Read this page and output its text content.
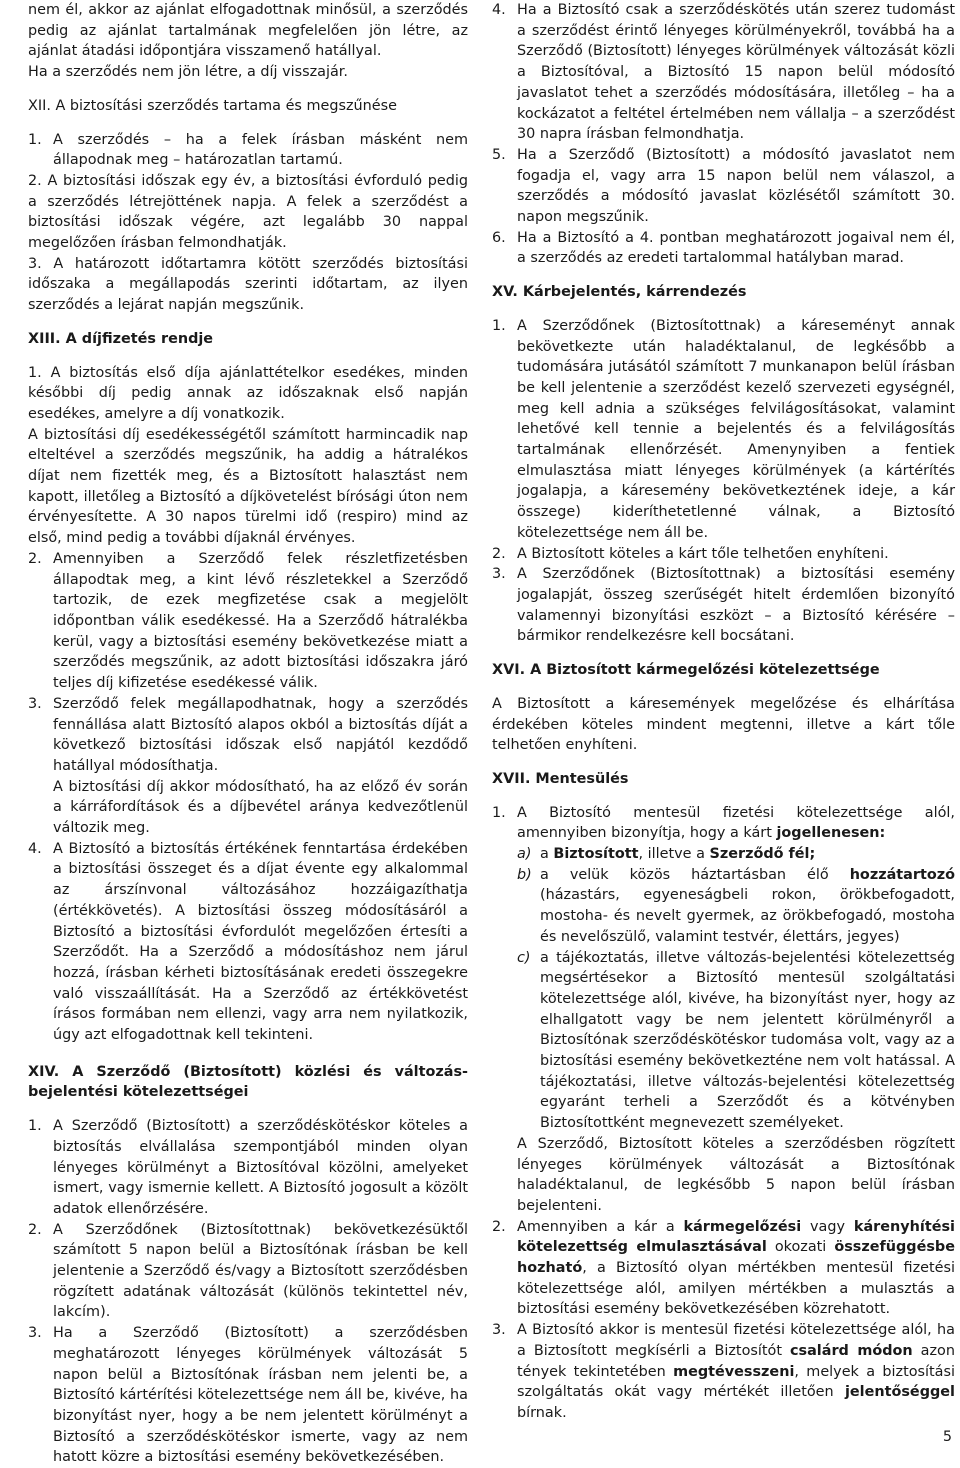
nem él, akkor az ajánlat elfogadottnak minősül, a szerződés pedig az ajánlat tartalmának megfelelően jön létre, az ajánlat átadási időpontjára visszamenő hatállyal.

Ha a szerződés nem jön létre, a díj visszajár.

XII. A biztosítási szerződés tartama és megszűnése
1. A szerződés – ha a felek írásban másként nem állapodnak meg – határozatlan tartamú.
2. A biztosítási időszak egy év, a biztosítási évforduló pedig a szerződés létrejöttének napja. A felek a szerződést a biztosítási időszak végére, azt legalább 30 nappal megelőzően írásban felmondhatják.
3. A határozott időtartamra kötött szerződés biztosítási időszaka a megállapodás szerinti időtartam, az ilyen szerződés a lejárat napján megszűnik.
XIII. A díjfizetés rendje
1. A biztosítás első díja ajánlattételkor esedékes, minden későbbi díj pedig annak az időszaknak első napján esedékes, amelyre a díj vonatkozik.

A biztosítási díj esedékességétől számított harmincadik nap elteltével a szerződés megszűnik, ha addig a hátralékos díjat nem fizették meg, és a Biztosított halasztást nem kapott, illetőleg a Biztosító a díjkövetelést bírósági úton nem érvényesítette. A 30 napos türelmi idő (respiro) mind az első, mind pedig a további díjaknál érvényes.

2. Amennyiben a Szerződő felek részletfizetésben állapodtak meg, a kint lévő részletekkel a Szerződő tartozik, de ezek megfizetése csak a megjelölt időpontban válik esedékessé. Ha a Szerződő hátralékba kerül, vagy a biztosítási esemény bekövetkezése miatt a szerződés megszűnik, az adott biztosítási időszakra járó teljes díj kifizetése esedékessé válik.
3. Szerződő felek megállapodhatnak, hogy a szerződés fennállása alatt Biztosító alapos okból a biztosítás díját a következő biztosítási időszak első napjától kezdődő hatállyal módosíthatja.

A biztosítási díj akkor módosítható, ha az előző év során a kárráfordítások és a díjbevétel aránya kedvezőtlenül változik meg.

4. A Biztosító a biztosítás értékének fenntartása érdekében a biztosítási összeget és a díjat évente egy alkalommal az árszínvonal változásához hozzáigazíthatja (értékkövetés). A biztosítási összeg módosításáról a Biztosító a biztosítási évfordulót megelőzően értesíti a Szerződőt. Ha a Szerződő a módosításhoz nem járul hozzá, írásban kérheti biztosításának eredeti összegekre való visszaállítását. Ha a Szerződő az értékkövetést írásos formában nem ellenzi, vagy arra nem nyilatkozik, úgy azt elfogadottnak kell tekinteni.
XIV. A Szerződő (Biztosított) közlési és változás-bejelentési kötelezettségei
1. A Szerződő (Biztosított) a szerződéskötéskor köteles a biztosítás elvállalása szempontjából minden olyan lényeges körülményt a Biztosítóval közölni, amelyeket ismert, vagy ismernie kellett. A Biztosító jogosult a közölt adatok ellenőrzésére.
2. A Szerződőnek (Biztosítottnak) bekövetkezésüktől számított 5 napon belül a Biztosítónak írásban be kell jelentenie a Szerződő és/vagy a Biztosított szerződésben rögzített adatának változását (különös tekintettel név, lakcím).
3. Ha a Szerződő (Biztosított) a szerződésben meghatározott lényeges körülmények változását 5 napon belül a Biztosítónak írásban nem jelenti be, a Biztosító kártérítési kötelezettsége nem áll be, kivéve, ha bizonyítást nyer, hogy a be nem jelentett körülményt a Biztosító a szerződéskötéskor ismerte, vagy az nem hatott közre a biztosítási esemény bekövetkezésében.
4. Ha a Biztosító csak a szerződéskötés után szerez tudomást a szerződést érintő lényeges körülményekről, továbbá ha a Szerződő (Biztosított) lényeges körülmények változását közli a Biztosítóval, a Biztosító 15 napon belül módosító javaslatot tehet a szerződés módosítására, illetőleg – ha a kockázatot a feltétel értelmében nem vállalja – a szerződést 30 napra írásban felmondhatja.
5. Ha a Szerződő (Biztosított) a módosító javaslatot nem fogadja el, vagy arra 15 napon belül nem válaszol, a szerződés a módosító javaslat közlésétől számított 30. napon megszűnik.
6. Ha a Biztosító a 4. pontban meghatározott jogaival nem él, a szerződés az eredeti tartalommal hatályban marad.
XV. Kárbejelentés, kárrendezés
1. A Szerződőnek (Biztosítottnak) a káreseményt annak bekövetkezte után haladéktalanul, de legkésőbb a tudomására jutásától számított 7 munkanapon belül írásban be kell jelentenie a szerződést kezelő szervezeti egységnél, meg kell adnia a szükséges felvilágosításokat, valamint lehetővé kell tennie a bejelentés és a felvilágosítás tartalmának ellenőrzését. Amenynyiben a fentiek elmulasztása miatt lényeges körülmények (a kártérítés jogalapja, a káresemény bekövetkeztének ideje, a kár összege) kideríthetetlenné válnak, a Biztosító kötelezettsége nem áll be.
2. A Biztosított köteles a kárt tőle telhetően enyhíteni.
3. A Szerződőnek (Biztosítottnak) a biztosítási esemény jogalapját, összeg szerűségét hitelt érdemlően bizonyító valamennyi bizonyítási eszközt – a Biztosító kérésére – bármikor rendelkezésre kell bocsátani.
XVI. A Biztosított kármegelőzési kötelezettsége

A Biztosított a káresemények megelőzése és elhárítása érdekében köteles mindent megtenni, illetve a kárt tőle telhetően enyhíteni.

XVII. Mentesülés
1. A Biztosító mentesül fizetési kötelezettsége alól, amennyiben bizonyítja, hogy a kárt jogellenesen:
a) a Biztosított, illetve a Szerződő fél;
b) a velük közös háztartásban élő hozzátartozó (házastárs, egyeneságbeli rokon, örökbefogadott, mostoha- és nevelt gyermek, az örökbefogadó, mostoha és nevelőszülő, valamint testvér, élettárs, jegyes)
c) a tájékoztatás, illetve változás-bejelentési kötelezettség megsértésekor a Biztosító mentesül szolgáltatási kötelezettsége alól, kivéve, ha bizonyítást nyer, hogy az elhallgatott vagy be nem jelentett körülményről a Biztosítónak szerződéskötéskor tudomása volt, vagy az a biztosítási esemény bekövetkezténe nem volt hatással. A tájékoztatási, illetve változás-bejelentési kötelezettség egyaránt terheli a Szerződőt és a kötvényben Biztosítottként megnevezett személyeket.

A Szerződő, Biztosított köteles a szerződésben rögzített lényeges körülmények változását a Biztosítónak haladéktalanul, de legkésőbb 5 napon belül írásban bejelenteni.

2. Amennyiben a kár a kármegelőzési vagy kárenyhítési kötelezettség elmulasztásával okozati összefüggésbe hozható, a Biztosító olyan mértékben mentesül fizetési kötelezettsége alól, amilyen mértékben a mulasztás a biztosítási esemény bekövetkezésében közrehatott.
3. A Biztosító akkor is mentesül fizetési kötelezettsége alól, ha a Biztosított megkísérli a Biztosítót csalárd módon azon tények tekintetében megtévesszeni, melyek a biztosítási szolgáltatás okát vagy mértékét illetően jelentőséggel bírnak.
5
